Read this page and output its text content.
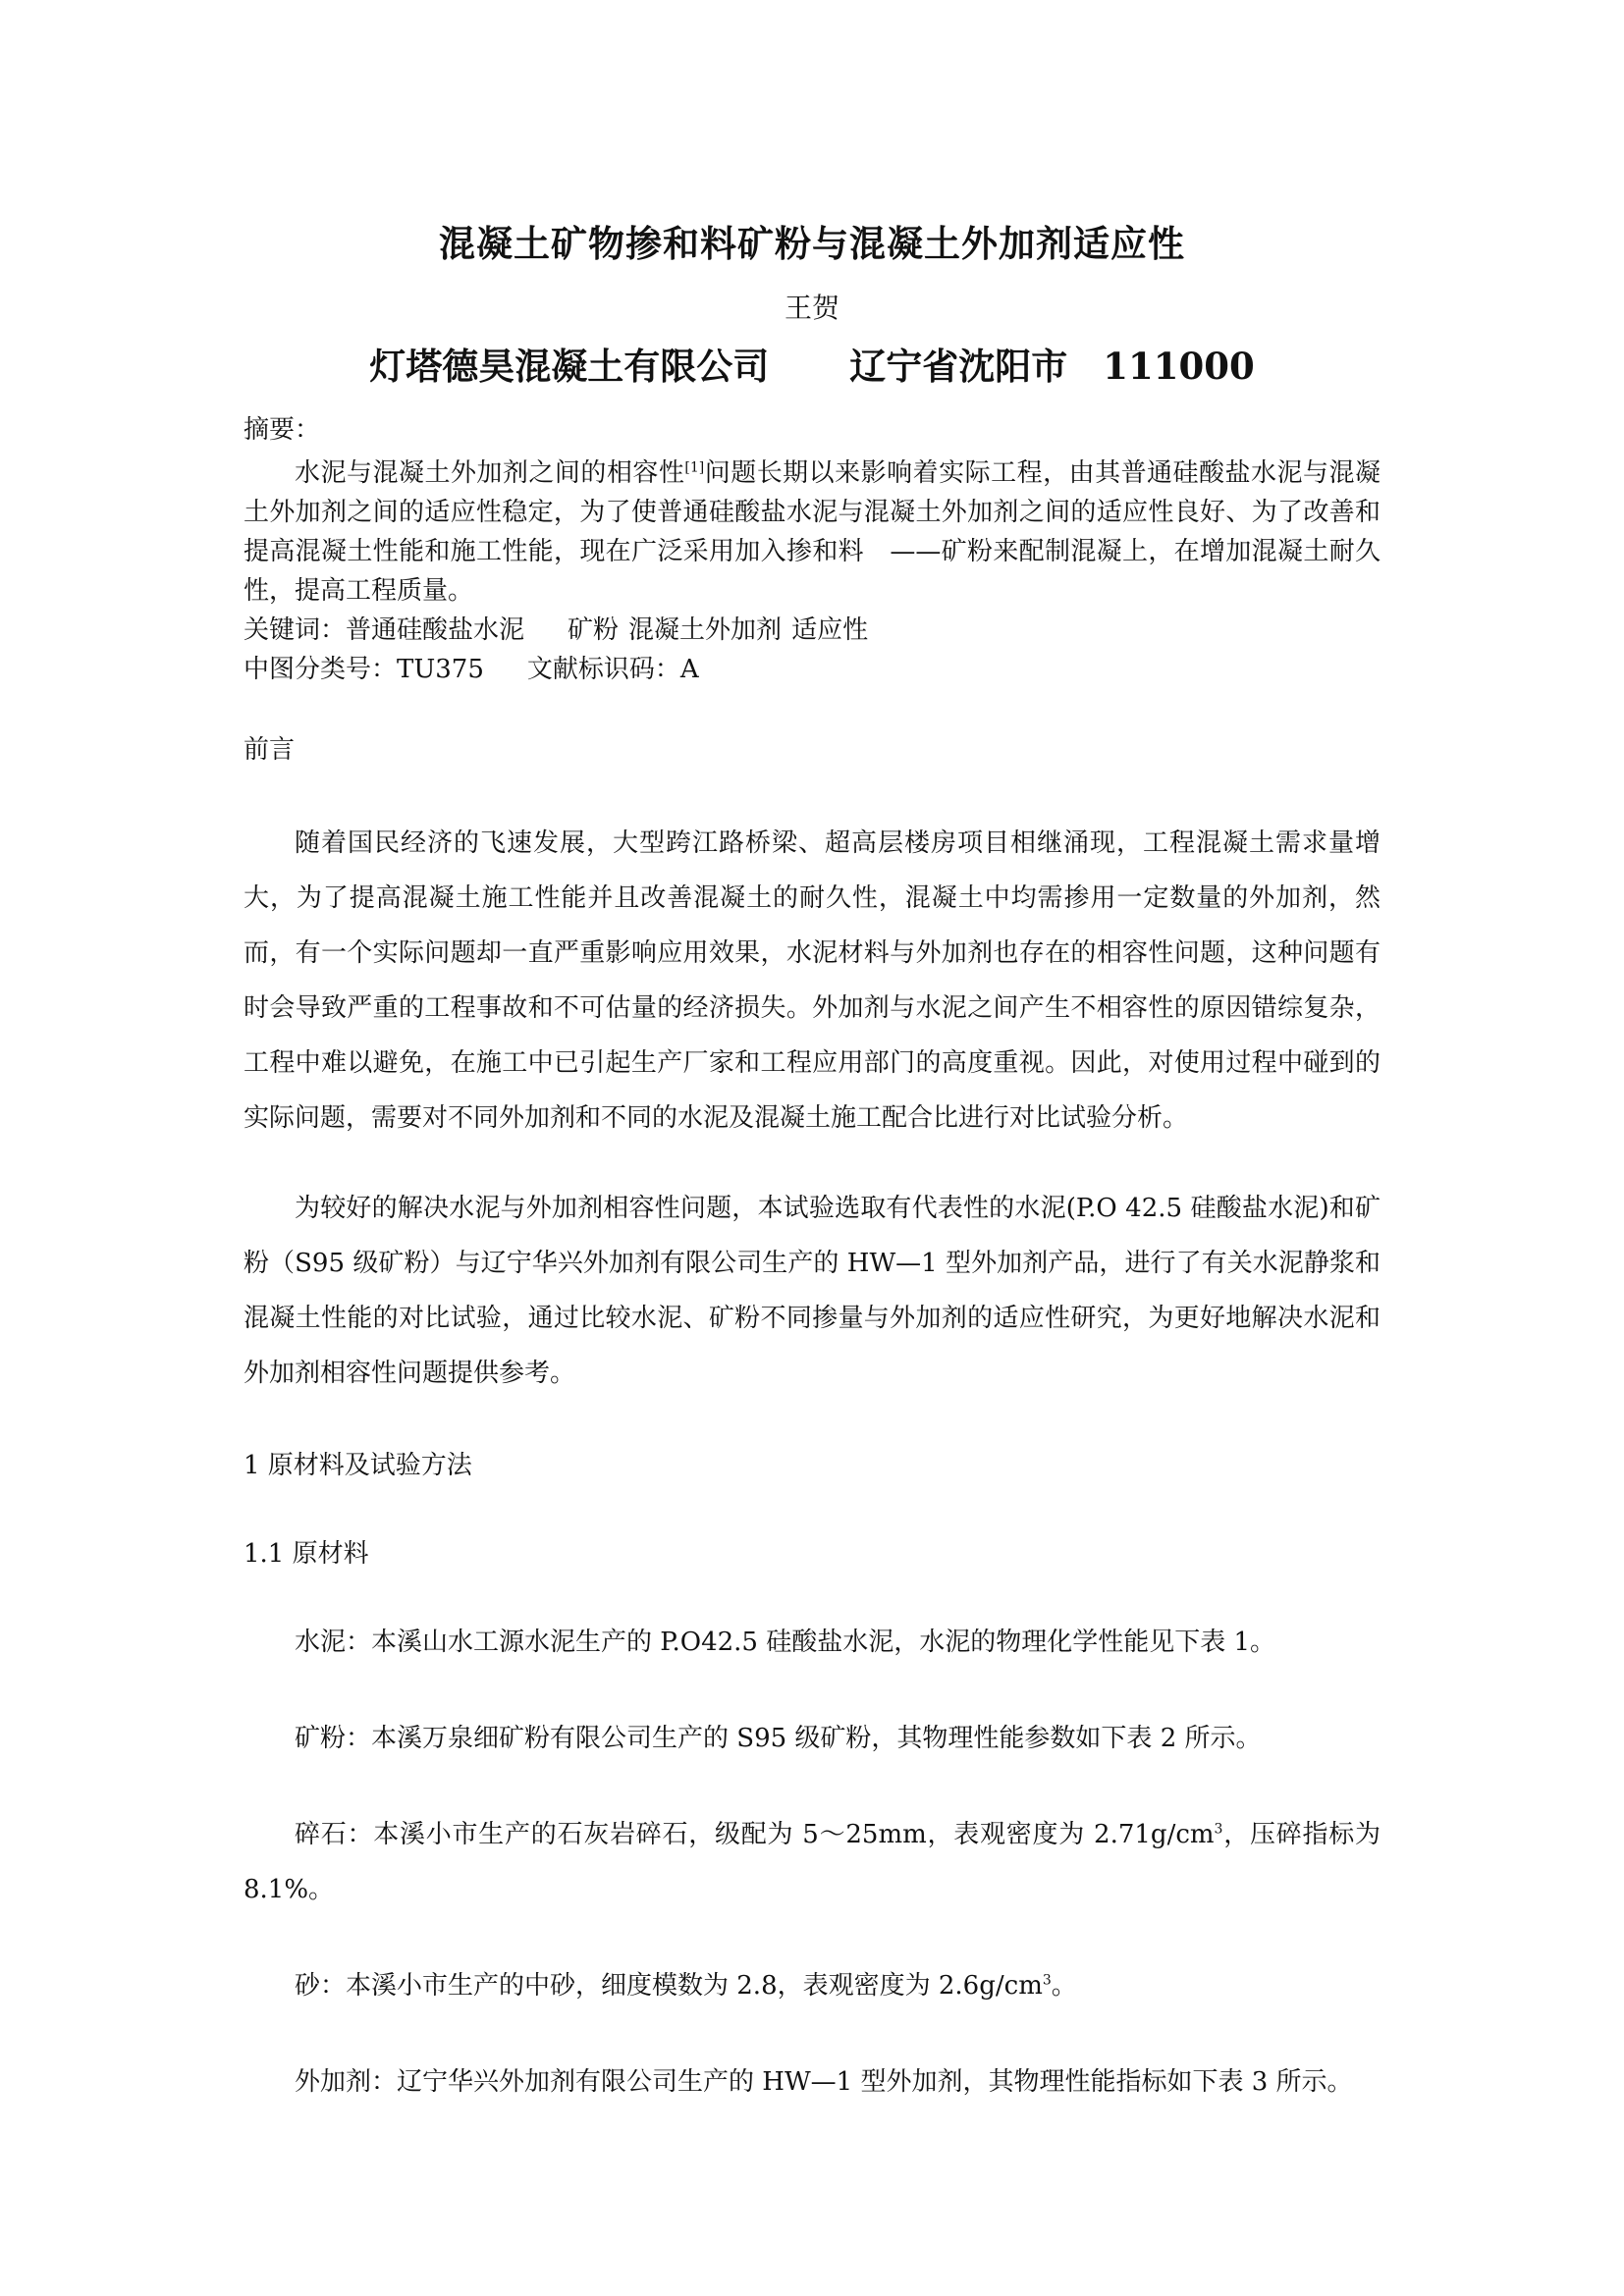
混凝土矿物掺和料矿粉与混凝土外加剂适应性
王贺
灯塔德昊混凝土有限公司 辽宁省沈阳市 111000

摘要：

水泥与混凝土外加剂之间的相容性[1]问题长期以来影响着实际工程，由其普通硅酸盐水泥与混凝土外加剂之间的适应性稳定，为了使普通硅酸盐水泥与混凝土外加剂之间的适应性良好、为了改善和提高混凝土性能和施工性能，现在广泛采用加入掺和料　——矿粉来配制混凝上，在增加混凝土耐久性，提高工程质量。

关键词：普通硅酸盐水泥 矿粉 混凝土外加剂 适应性

中图分类号：TU375 文献标识码：A

前言

随着国民经济的飞速发展，大型跨江路桥梁、超高层楼房项目相继涌现，工程混凝土需求量增大，为了提高混凝土施工性能并且改善混凝土的耐久性，混凝土中均需掺用一定数量的外加剂，然而，有一个实际问题却一直严重影响应用效果，水泥材料与外加剂也存在的相容性问题，这种问题有时会导致严重的工程事故和不可估量的经济损失。外加剂与水泥之间产生不相容性的原因错综复杂，工程中难以避免，在施工中已引起生产厂家和工程应用部门的高度重视。因此，对使用过程中碰到的实际问题，需要对不同外加剂和不同的水泥及混凝土施工配合比进行对比试验分析。

为较好的解决水泥与外加剂相容性问题，本试验选取有代表性的水泥(P.O 42.5 硅酸盐水泥)和矿粉（S95 级矿粉）与辽宁华兴外加剂有限公司生产的 HW—1 型外加剂产品，进行了有关水泥静浆和混凝土性能的对比试验，通过比较水泥、矿粉不同掺量与外加剂的适应性研究，为更好地解决水泥和外加剂相容性问题提供参考。

1 原材料及试验方法

1.1 原材料

水泥：本溪山水工源水泥生产的 P.O42.5 硅酸盐水泥，水泥的物理化学性能见下表 1。

矿粉：本溪万泉细矿粉有限公司生产的 S95 级矿粉，其物理性能参数如下表 2 所示。

碎石：本溪小市生产的石灰岩碎石，级配为 5～25mm，表观密度为 $2.71g/cm^3$，压碎指标为 8.1%。

砂：本溪小市生产的中砂，细度模数为 2.8，表观密度为 $2.6g/cm^3$。

外加剂：辽宁华兴外加剂有限公司生产的 HW—1 型外加剂，其物理性能指标如下表 3 所示。
